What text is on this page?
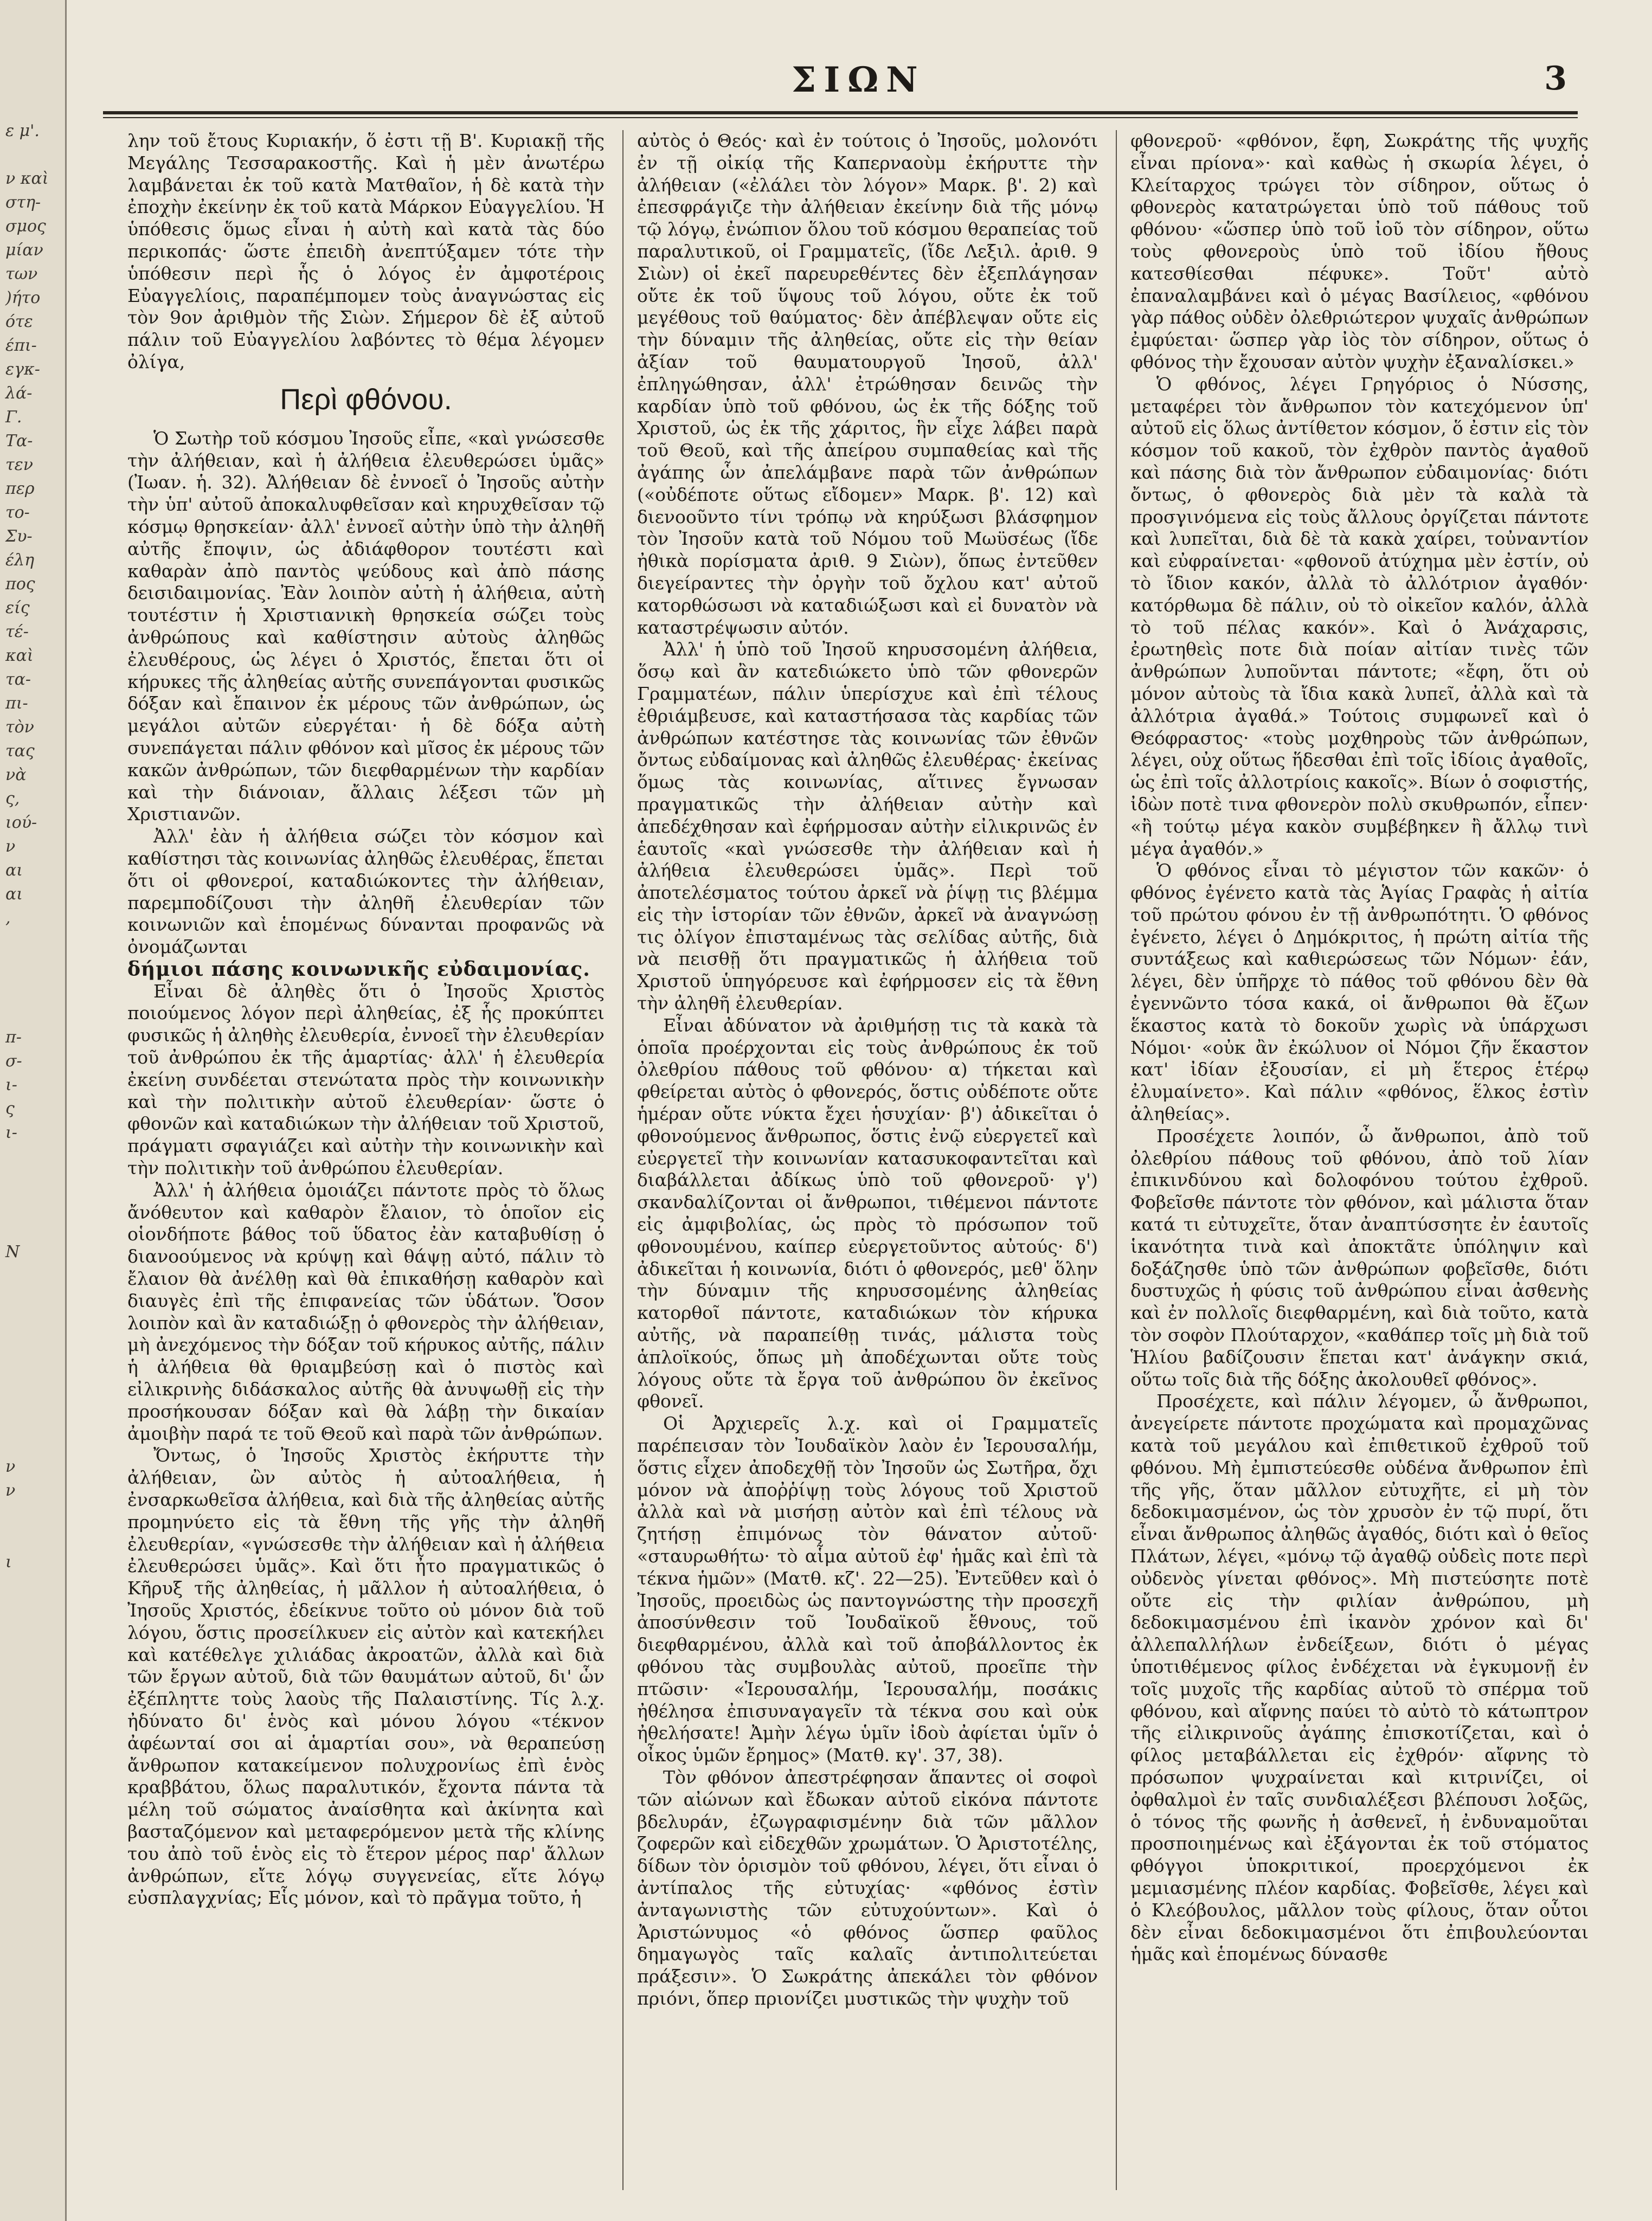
ε μ'.

ν καὶ
στη-
σμος
μίαν
των
)ήτο
ότε
έπι-
εγκ-
λά-
Γ.
Τα-
τεν
περ
το-
Συ-
έλη
πος
είς
τέ-
καὶ
τα-
πι-
τὸν
τας
νὰ
ς,
ιού-
ν
αι
αι
,

π-
σ-
ι-
ς
ι-

Ν

ν
ν

ι
ΣΙΩΝ	3

λην τοῦ ἔτους Κυριακήν, ὅ ἐστι τῇ Β'. Κυριακῇ τῆς Μεγάλης Τεσσαρακοστῆς. Καὶ ἡ μὲν ἀνωτέρω λαμβάνεται ἐκ τοῦ κατὰ Ματθαῖον, ἡ δὲ κατὰ τὴν ἐποχὴν ἐκείνην ἐκ τοῦ κατὰ Μάρκον Εὐαγγελίου. Ἡ ὑπόθεσις ὅμως εἶναι ἡ αὐτὴ καὶ κατὰ τὰς δύο περικοπάς· ὥστε ἐπειδὴ ἀνεπτύξαμεν τότε τὴν ὑπόθεσιν περὶ ἧς ὁ λόγος ἐν ἀμφοτέροις Εὐαγγελίοις, παραπέμπομεν τοὺς ἀναγνώστας εἰς τὸν 9ον ἀριθμὸν τῆς Σιὼν. Σήμερον δὲ ἐξ αὐτοῦ πάλιν τοῦ Εὐαγγελίου λαβόντες τὸ θέμα λέγομεν ὀλίγα,

Περὶ φθόνου.

Ὁ Σωτὴρ τοῦ κόσμου Ἰησοῦς εἶπε, «καὶ γνώσεσθε τὴν ἀλήθειαν, καὶ ἡ ἀλήθεια ἐλευθερώσει ὑμᾶς» (Ἰωαν. ἡ. 32). Ἀλήθειαν δὲ ἐννοεῖ ὁ Ἰησοῦς αὐτὴν τὴν ὑπ' αὐτοῦ ἀποκαλυφθεῖσαν καὶ κηρυχθεῖσαν τῷ κόσμῳ θρησκείαν· ἀλλ' ἐννοεῖ αὐτὴν ὑπὸ τὴν ἀληθῆ αὐτῆς ἔποψιν, ὡς ἀδιάφθορον τουτέστι καὶ καθαρὰν ἀπὸ παντὸς ψεύδους καὶ ἀπὸ πάσης δεισιδαιμονίας. Ἐὰν λοιπὸν αὐτὴ ἡ ἀλήθεια, αὐτὴ τουτέστιν ἡ Χριστιανικὴ θρησκεία σώζει τοὺς ἀνθρώπους καὶ καθίστησιν αὐτοὺς ἀληθῶς ἐλευθέρους, ὡς λέγει ὁ Χριστός, ἔπεται ὅτι οἱ κήρυκες τῆς ἀληθείας αὐτῆς συνεπάγονται φυσικῶς δόξαν καὶ ἔπαινον ἐκ μέρους τῶν ἀνθρώπων, ὡς μεγάλοι αὐτῶν εὐεργέται· ἡ δὲ δόξα αὐτὴ συνεπάγεται πάλιν φθόνον καὶ μῖσος ἐκ μέρους τῶν κακῶν ἀνθρώπων, τῶν διεφθαρμένων τὴν καρδίαν καὶ τὴν διάνοιαν, ἄλλαις λέξεσι τῶν μὴ Χριστιανῶν.

Ἀλλ' ἐὰν ἡ ἀλήθεια σώζει τὸν κόσμον καὶ καθίστησι τὰς κοινωνίας ἀληθῶς ἐλευθέρας, ἕπεται ὅτι οἱ φθονεροί, καταδιώκοντες τὴν ἀλήθειαν, παρεμποδίζουσι τὴν ἀληθῆ ἐλευθερίαν τῶν κοινωνιῶν καὶ ἑπομένως δύνανται προφανῶς νὰ ὀνομάζωνται

δήμιοι πάσης κοινωνικῆς εὐδαιμονίας.

Εἶναι δὲ ἀληθὲς ὅτι ὁ Ἰησοῦς Χριστὸς ποιούμενος λόγον περὶ ἀληθείας, ἐξ ἧς προκύπτει φυσικῶς ἡ ἀληθὴς ἐλευθερία, ἐννοεῖ τὴν ἐλευθερίαν τοῦ ἀνθρώπου ἐκ τῆς ἁμαρτίας· ἀλλ' ἡ ἐλευθερία ἐκείνη συνδέεται στενώτατα πρὸς τὴν κοινωνικὴν καὶ τὴν πολιτικὴν αὐτοῦ ἐλευθερίαν· ὥστε ὁ φθονῶν καὶ καταδιώκων τὴν ἀλήθειαν τοῦ Χριστοῦ, πράγματι σφαγιάζει καὶ αὐτὴν τὴν κοινωνικὴν καὶ τὴν πολιτικὴν τοῦ ἀνθρώπου ἐλευθερίαν.

Ἀλλ' ἡ ἀλήθεια ὁμοιάζει πάντοτε πρὸς τὸ ὅλως ἄνόθευτον καὶ καθαρὸν ἔλαιον, τὸ ὁποῖον εἰς οἱονδήποτε βάθος τοῦ ὕδατος ἐὰν καταβυθίσῃ ὁ διανοούμενος νὰ κρύψῃ καὶ θάψῃ αὐτό, πάλιν τὸ ἔλαιον θὰ ἀνέλθῃ καὶ θὰ ἐπικαθήσῃ καθαρὸν καὶ διαυγὲς ἐπὶ τῆς ἐπιφανείας τῶν ὑδάτων. Ὅσον λοιπὸν καὶ ἂν καταδιώξῃ ὁ φθονερὸς τὴν ἀλήθειαν, μὴ ἀνεχόμενος τὴν δόξαν τοῦ κήρυκος αὐτῆς, πάλιν ἡ ἀλήθεια θὰ θριαμβεύσῃ καὶ ὁ πιστὸς καὶ εἰλικρινὴς διδάσκαλος αὐτῆς θὰ ἀνυψωθῇ εἰς τὴν προσήκουσαν δόξαν καὶ θὰ λάβῃ τὴν δικαίαν ἀμοιβὴν παρά τε τοῦ Θεοῦ καὶ παρὰ τῶν ἀνθρώπων.

Ὄντως, ὁ Ἰησοῦς Χριστὸς ἐκήρυττε τὴν ἀλήθειαν, ὢν αὐτὸς ἡ αὐτοαλήθεια, ἡ ἐνσαρκωθεῖσα ἀλήθεια, καὶ διὰ τῆς ἀληθείας αὐτῆς προμηνύετο εἰς τὰ ἔθνη τῆς γῆς τὴν ἀληθῆ ἐλευθερίαν, «γνώσεσθε τὴν ἀλήθειαν καὶ ἡ ἀλήθεια ἐλευθερώσει ὑμᾶς». Καὶ ὅτι ἦτο πραγματικῶς ὁ Κῆρυξ τῆς ἀληθείας, ἡ μᾶλλον ἡ αὐτοαλήθεια, ὁ Ἰησοῦς Χριστός, ἐδείκνυε τοῦτο οὐ μόνον διὰ τοῦ λόγου, ὅστις προσείλκυεν εἰς αὐτὸν καὶ κατεκήλει καὶ κατέθελγε χιλιάδας ἀκροατῶν, ἀλλὰ καὶ διὰ τῶν ἔργων αὐτοῦ, διὰ τῶν θαυμάτων αὐτοῦ, δι' ὧν ἐξέπληττε τοὺς λαοὺς τῆς Παλαιστίνης. Τίς λ.χ. ἠδύνατο δι' ἑνὸς καὶ μόνου λόγου «τέκνον ἀφέωνταί σοι αἱ ἁμαρτίαι σου», νὰ θεραπεύσῃ ἄνθρωπον κατακείμενον πολυχρονίως ἐπὶ ἑνὸς κραββάτου, ὅλως παραλυτικόν, ἔχοντα πάντα τὰ μέλη τοῦ σώματος ἀναίσθητα καὶ ἀκίνητα καὶ βασταζόμενον καὶ μεταφερόμενον μετὰ τῆς κλίνης του ἀπὸ τοῦ ἑνὸς εἰς τὸ ἕτερον μέρος παρ' ἄλλων ἀνθρώπων, εἴτε λόγῳ συγγενείας, εἴτε λόγῳ εὐσπλαγχνίας; Εἷς μόνον, καὶ τὸ πρᾶγμα τοῦτο, ἡ

αὐτὸς ὁ Θεός· καὶ ἐν τούτοις ὁ Ἰησοῦς, μολονότι ἐν τῇ οἰκίᾳ τῆς Καπερναοὺμ ἐκήρυττε τὴν ἀλήθειαν («ἐλάλει τὸν λόγον» Μαρκ. β'. 2) καὶ ἐπεσφράγιζε τὴν ἀλήθειαν ἐκείνην διὰ τῆς μόνῳ τῷ λόγῳ, ἐνώπιον ὅλου τοῦ κόσμου θεραπείας τοῦ παραλυτικοῦ, οἱ Γραμματεῖς, (ἴδε Λεξιλ. ἀριθ. 9 Σιὼν) οἱ ἐκεῖ παρευρεθέντες δὲν ἐξεπλάγησαν οὔτε ἐκ τοῦ ὕψους τοῦ λόγου, οὔτε ἐκ τοῦ μεγέθους τοῦ θαύματος· δὲν ἀπέβλεψαν οὔτε εἰς τὴν δύναμιν τῆς ἀληθείας, οὔτε εἰς τὴν θείαν ἀξίαν τοῦ θαυματουργοῦ Ἰησοῦ, ἀλλ' ἐπληγώθησαν, ἀλλ' ἐτρώθησαν δεινῶς τὴν καρδίαν ὑπὸ τοῦ φθόνου, ὡς ἐκ τῆς δόξης τοῦ Χριστοῦ, ὡς ἐκ τῆς χάριτος, ἣν εἶχε λάβει παρὰ τοῦ Θεοῦ, καὶ τῆς ἀπείρου συμπαθείας καὶ τῆς ἀγάπης ὧν ἀπελάμβανε παρὰ τῶν ἀνθρώπων («οὐδέποτε οὕτως εἴδομεν» Μαρκ. β'. 12) καὶ διενοοῦντο τίνι τρόπῳ νὰ κηρύξωσι βλάσφημον τὸν Ἰησοῦν κατὰ τοῦ Νόμου τοῦ Μωϋσέως (ἴδε ἠθικὰ πορίσματα ἀριθ. 9 Σιὼν), ὅπως ἐντεῦθεν διεγείραντες τὴν ὀργὴν τοῦ ὄχλου κατ' αὐτοῦ κατορθώσωσι νὰ καταδιώξωσι καὶ εἰ δυνατὸν νὰ καταστρέψωσιν αὐτόν.

Ἀλλ' ἡ ὑπὸ τοῦ Ἰησοῦ κηρυσσομένη ἀλήθεια, ὅσῳ καὶ ἂν κατεδιώκετο ὑπὸ τῶν φθονερῶν Γραμματέων, πάλιν ὑπερίσχυε καὶ ἐπὶ τέλους ἐθριάμβευσε, καὶ καταστήσασα τὰς καρδίας τῶν ἀνθρώπων κατέστησε τὰς κοινωνίας τῶν ἐθνῶν ὄντως εὐδαίμονας καὶ ἀληθῶς ἐλευθέρας· ἐκείνας ὅμως τὰς κοινωνίας, αἵτινες ἔγνωσαν πραγματικῶς τὴν ἀλήθειαν αὐτὴν καὶ ἀπεδέχθησαν καὶ ἐφήρμοσαν αὐτὴν εἰλικρινῶς ἐν ἑαυτοῖς «καὶ γνώσεσθε τὴν ἀλήθειαν καὶ ἡ ἀλήθεια ἐλευθερώσει ὑμᾶς». Περὶ τοῦ ἀποτελέσματος τούτου ἀρκεῖ νὰ ῥίψῃ τις βλέμμα εἰς τὴν ἱστορίαν τῶν ἐθνῶν, ἀρκεῖ νὰ ἀναγνώσῃ τις ὀλίγον ἐπισταμένως τὰς σελίδας αὐτῆς, διὰ νὰ πεισθῇ ὅτι πραγματικῶς ἡ ἀλήθεια τοῦ Χριστοῦ ὑπηγόρευσε καὶ ἐφήρμοσεν εἰς τὰ ἔθνη τὴν ἀληθῆ ἐλευθερίαν.

Εἶναι ἀδύνατον νὰ ἀριθμήσῃ τις τὰ κακὰ τὰ ὁποῖα προέρχονται εἰς τοὺς ἀνθρώπους ἐκ τοῦ ὀλεθρίου πάθους τοῦ φθόνου· α) τήκεται καὶ φθείρεται αὐτὸς ὁ φθονερός, ὅστις οὐδέποτε οὔτε ἡμέραν οὔτε νύκτα ἔχει ἡσυχίαν· β') ἀδικεῖται ὁ φθονούμενος ἄνθρωπος, ὅστις ἐνῷ εὐεργετεῖ καὶ εὐεργετεῖ τὴν κοινωνίαν κατασυκοφαντεῖται καὶ διαβάλλεται ἀδίκως ὑπὸ τοῦ φθονεροῦ· γ') σκανδαλίζονται οἱ ἄνθρωποι, τιθέμενοι πάντοτε εἰς ἀμφιβολίας, ὡς πρὸς τὸ πρόσωπον τοῦ φθονουμένου, καίπερ εὐεργετοῦντος αὐτούς· δ') ἀδικεῖται ἡ κοινωνία, διότι ὁ φθονερός, μεθ' ὅλην τὴν δύναμιν τῆς κηρυσσομένης ἀληθείας κατορθοῖ πάντοτε, καταδιώκων τὸν κήρυκα αὐτῆς, νὰ παραπείθῃ τινάς, μάλιστα τοὺς ἁπλοϊκούς, ὅπως μὴ ἀποδέχωνται οὔτε τοὺς λόγους οὔτε τὰ ἔργα τοῦ ἀνθρώπου ὃν ἐκεῖνος φθονεῖ.

Οἱ Ἀρχιερεῖς λ.χ. καὶ οἱ Γραμματεῖς παρέπεισαν τὸν Ἰουδαϊκὸν λαὸν ἐν Ἱερουσαλήμ, ὅστις εἶχεν ἀποδεχθῇ τὸν Ἰησοῦν ὡς Σωτῆρα, ὄχι μόνον νὰ ἀποῤῥίψῃ τοὺς λόγους τοῦ Χριστοῦ ἀλλὰ καὶ νὰ μισήσῃ αὐτὸν καὶ ἐπὶ τέλους νὰ ζητήσῃ ἐπιμόνως τὸν θάνατον αὐτοῦ· «σταυρωθήτω· τὸ αἷμα αὐτοῦ ἐφ' ἡμᾶς καὶ ἐπὶ τὰ τέκνα ἡμῶν» (Ματθ. κζ'. 22—25). Ἐντεῦθεν καὶ ὁ Ἰησοῦς, προειδὼς ὡς παντογνώστης τὴν προσεχῆ ἀποσύνθεσιν τοῦ Ἰουδαϊκοῦ ἔθνους, τοῦ διεφθαρμένου, ἀλλὰ καὶ τοῦ ἀποβάλλοντος ἐκ φθόνου τὰς συμβουλὰς αὐτοῦ, προεῖπε τὴν πτῶσιν· «Ἱερουσαλήμ, Ἱερουσαλήμ, ποσάκις ἠθέλησα ἐπισυναγαγεῖν τὰ τέκνα σου καὶ οὐκ ἠθελήσατε! Ἀμὴν λέγω ὑμῖν ἰδοὺ ἀφίεται ὑμῖν ὁ οἶκος ὑμῶν ἔρημος» (Ματθ. κγ'. 37, 38).

Τὸν φθόνον ἀπεστρέφησαν ἅπαντες οἱ σοφοὶ τῶν αἰώνων καὶ ἔδωκαν αὐτοῦ εἰκόνα πάντοτε βδελυράν, ἐζωγραφισμένην διὰ τῶν μᾶλλον ζοφερῶν καὶ εἰδεχθῶν χρωμάτων. Ὁ Ἀριστοτέλης, δίδων τὸν ὁρισμὸν τοῦ φθόνου, λέγει, ὅτι εἶναι ὁ ἀντίπαλος τῆς εὐτυχίας· «φθόνος ἐστὶν ἀνταγωνιστὴς τῶν εὐτυχούντων». Καὶ ὁ Ἀριστώνυμος «ὁ φθόνος ὥσπερ φαῦλος δημαγωγὸς ταῖς καλαῖς ἀντιπολιτεύεται πράξεσιν». Ὁ Σωκράτης ἀπεκάλει τὸν φθόνον πριόνι, ὅπερ πριονίζει μυστικῶς τὴν ψυχὴν τοῦ

φθονεροῦ· «φθόνον, ἔφη, Σωκράτης τῆς ψυχῆς εἶναι πρίονα»· καὶ καθὼς ἡ σκωρία λέγει, ὁ Κλείταρχος τρώγει τὸν σίδηρον, οὕτως ὁ φθονερὸς κατατρώγεται ὑπὸ τοῦ πάθους τοῦ φθόνου· «ὥσπερ ὑπὸ τοῦ ἰοῦ τὸν σίδηρον, οὕτω τοὺς φθονεροὺς ὑπὸ τοῦ ἰδίου ἤθους κατεσθίεσθαι πέφυκε». Τοῦτ' αὐτὸ ἐπαναλαμβάνει καὶ ὁ μέγας Βασίλειος, «φθόνου γὰρ πάθος οὐδὲν ὀλεθριώτερον ψυχαῖς ἀνθρώπων ἐμφύεται· ὥσπερ γὰρ ἰὸς τὸν σίδηρον, οὕτως ὁ φθόνος τὴν ἔχουσαν αὐτὸν ψυχὴν ἐξαναλίσκει.»

Ὁ φθόνος, λέγει Γρηγόριος ὁ Νύσσης, μεταφέρει τὸν ἄνθρωπον τὸν κατεχόμενον ὑπ' αὐτοῦ εἰς ὅλως ἀντίθετον κόσμον, ὅ ἐστιν εἰς τὸν κόσμον τοῦ κακοῦ, τὸν ἐχθρὸν παντὸς ἀγαθοῦ καὶ πάσης διὰ τὸν ἄνθρωπον εὐδαιμονίας· διότι ὄντως, ὁ φθονερὸς διὰ μὲν τὰ καλὰ τὰ προσγινόμενα εἰς τοὺς ἄλλους ὀργίζεται πάντοτε καὶ λυπεῖται, διὰ δὲ τὰ κακὰ χαίρει, τοὐναντίον καὶ εὐφραίνεται· «φθονοῦ ἀτύχημα μὲν ἐστίν, οὐ τὸ ἴδιον κακόν, ἀλλὰ τὸ ἀλλότριον ἀγαθόν· κατόρθωμα δὲ πάλιν, οὐ τὸ οἰκεῖον καλόν, ἀλλὰ τὸ τοῦ πέλας κακόν». Καὶ ὁ Ἀνάχαρσις, ἐρωτηθεὶς ποτε διὰ ποίαν αἰτίαν τινὲς τῶν ἀνθρώπων λυποῦνται πάντοτε; «ἔφη, ὅτι οὐ μόνον αὐτοὺς τὰ ἴδια κακὰ λυπεῖ, ἀλλὰ καὶ τὰ ἀλλότρια ἀγαθά.» Τούτοις συμφωνεῖ καὶ ὁ Θεόφραστος· «τοὺς μοχθηροὺς τῶν ἀνθρώπων, λέγει, οὐχ οὕτως ἥδεσθαι ἐπὶ τοῖς ἰδίοις ἀγαθοῖς, ὡς ἐπὶ τοῖς ἀλλοτρίοις κακοῖς». Βίων ὁ σοφιστής, ἰδὼν ποτὲ τινα φθονερὸν πολὺ σκυθρωπόν, εἶπεν· «ἢ τούτῳ μέγα κακὸν συμβέβηκεν ἢ ἄλλῳ τινὶ μέγα ἀγαθόν.»

Ὁ φθόνος εἶναι τὸ μέγιστον τῶν κακῶν· ὁ φθόνος ἐγένετο κατὰ τὰς Ἁγίας Γραφὰς ἡ αἰτία τοῦ πρώτου φόνου ἐν τῇ ἀνθρωπότητι. Ὁ φθόνος ἐγένετο, λέγει ὁ Δημόκριτος, ἡ πρώτη αἰτία τῆς συντάξεως καὶ καθιερώσεως τῶν Νόμων· ἐάν, λέγει, δὲν ὑπῆρχε τὸ πάθος τοῦ φθόνου δὲν θὰ ἐγεννῶντο τόσα κακά, οἱ ἄνθρωποι θὰ ἔζων ἕκαστος κατὰ τὸ δοκοῦν χωρὶς νὰ ὑπάρχωσι Νόμοι· «οὐκ ἂν ἐκώλυον οἱ Νόμοι ζῆν ἕκαστον κατ' ἰδίαν ἐξουσίαν, εἰ μὴ ἕτερος ἑτέρῳ ἐλυμαίνετο». Καὶ πάλιν «φθόνος, ἕλκος ἐστὶν ἀληθείας».

Προσέχετε λοιπόν, ὦ ἄνθρωποι, ἀπὸ τοῦ ὀλεθρίου πάθους τοῦ φθόνου, ἀπὸ τοῦ λίαν ἐπικινδύνου καὶ δολοφόνου τούτου ἐχθροῦ. Φοβεῖσθε πάντοτε τὸν φθόνον, καὶ μάλιστα ὅταν κατά τι εὐτυχεῖτε, ὅταν ἀναπτύσσητε ἐν ἑαυτοῖς ἱκανότητα τινὰ καὶ ἀποκτᾶτε ὑπόληψιν καὶ δοξάζησθε ὑπὸ τῶν ἀνθρώπων φοβεῖσθε, διότι δυστυχῶς ἡ φύσις τοῦ ἀνθρώπου εἶναι ἀσθενὴς καὶ ἐν πολλοῖς διεφθαρμένη, καὶ διὰ τοῦτο, κατὰ τὸν σοφὸν Πλούταρχον, «καθάπερ τοῖς μὴ διὰ τοῦ Ἡλίου βαδίζουσιν ἕπεται κατ' ἀνάγκην σκιά, οὕτω τοῖς διὰ τῆς δόξης ἀκολουθεῖ φθόνος».

Προσέχετε, καὶ πάλιν λέγομεν, ὦ ἄνθρωποι, ἀνεγείρετε πάντοτε προχώματα καὶ προμαχῶνας κατὰ τοῦ μεγάλου καὶ ἐπιθετικοῦ ἐχθροῦ τοῦ φθόνου. Μὴ ἐμπιστεύεσθε οὐδένα ἄνθρωπον ἐπὶ τῆς γῆς, ὅταν μᾶλλον εὐτυχῆτε, εἰ μὴ τὸν δεδοκιμασμένον, ὡς τὸν χρυσὸν ἐν τῷ πυρί, ὅτι εἶναι ἄνθρωπος ἀληθῶς ἀγαθός, διότι καὶ ὁ θεῖος Πλάτων, λέγει, «μόνῳ τῷ ἀγαθῷ οὐδεὶς ποτε περὶ οὐδενὸς γίνεται φθόνος». Μὴ πιστεύσητε ποτὲ οὔτε εἰς τὴν φιλίαν ἀνθρώπου, μὴ δεδοκιμασμένου ἐπὶ ἱκανὸν χρόνον καὶ δι' ἀλλεπαλλήλων ἐνδείξεων, διότι ὁ μέγας ὑποτιθέμενος φίλος ἐνδέχεται νὰ ἐγκυμονῇ ἐν τοῖς μυχοῖς τῆς καρδίας αὐτοῦ τὸ σπέρμα τοῦ φθόνου, καὶ αἴφνης παύει τὸ αὐτὸ τὸ κάτωπτρον τῆς εἰλικρινοῦς ἀγάπης ἐπισκοτίζεται, καὶ ὁ φίλος μεταβάλλεται εἰς ἐχθρόν· αἴφνης τὸ πρόσωπον ψυχραίνεται καὶ κιτρινίζει, οἱ ὀφθαλμοὶ ἐν ταῖς συνδιαλέξεσι βλέπουσι λοξῶς, ὁ τόνος τῆς φωνῆς ἡ ἀσθενεῖ, ἡ ἐνδυναμοῦται προσποιημένως καὶ ἐξάγονται ἐκ τοῦ στόματος φθόγγοι ὑποκριτικοί, προερχόμενοι ἐκ μεμιασμένης πλέον καρδίας. Φοβεῖσθε, λέγει καὶ ὁ Κλεόβουλος, μᾶλλον τοὺς φίλους, ὅταν οὗτοι δὲν εἶναι δεδοκιμασμένοι ὅτι ἐπιβουλεύονται ἡμᾶς καὶ ἑπομένως δύνασθε
